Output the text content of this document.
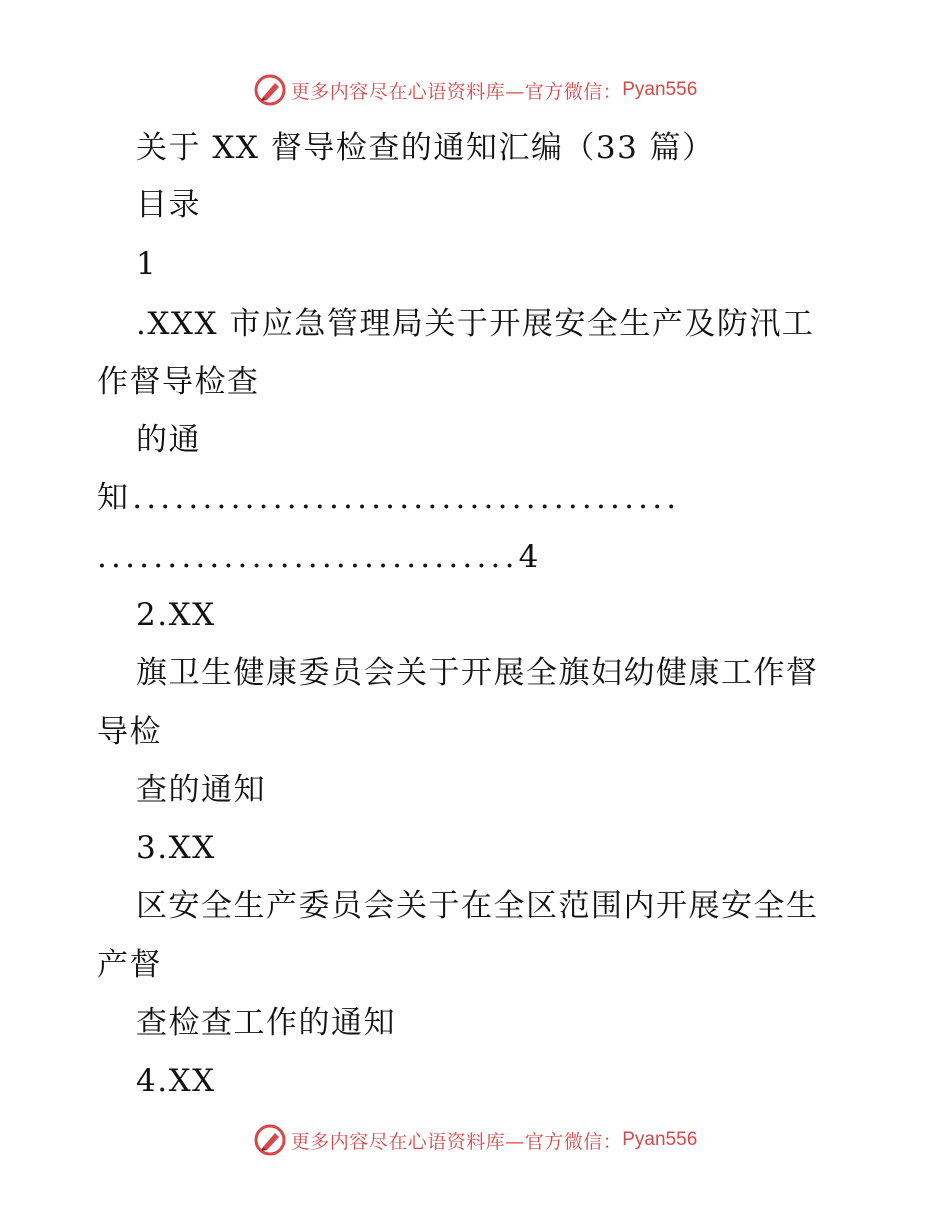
更多内容尽在心语资料库—官方微信： Pyan556
关于 XX 督导检查的通知汇编（33 篇）
目录
1
.XXX 市应急管理局关于开展安全生产及防汛工
作督导检查
的通
知.......................................
..............................4
2.XX
旗卫生健康委员会关于开展全旗妇幼健康工作督
导检
查的通知
3.XX
区安全生产委员会关于在全区范围内开展安全生
产督
查检查工作的通知
4.XX
更多内容尽在心语资料库—官方微信： Pyan556
